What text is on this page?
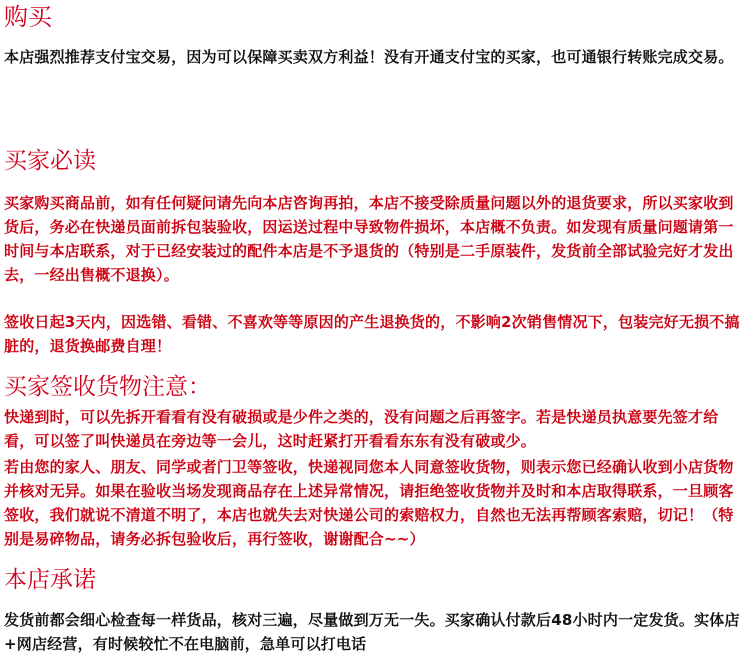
购买

本店强烈推荐支付宝交易，因为可以保障买卖双方利益！没有开通支付宝的买家，也可通银行转账完成交易。

买家必读

买家购买商品前，如有任何疑问请先向本店咨询再拍，本店不接受除质量问题以外的退货要求，所以买家收到货后，务必在快递员面前拆包装验收，因运送过程中导致物件损坏，本店概不负责。如发现有质量问题请第一时间与本店联系，对于已经安装过的配件本店是不予退货的（特别是二手原装件，发货前全部试验完好才发出去，一经出售概不退换）。

签收日起3天内，因选错、看错、不喜欢等等原因的产生退换货的，不影响2次销售情况下，包装完好无损不搞脏的，退货换邮费自理！

买家签收货物注意：

快递到时，可以先拆开看看有没有破损或是少件之类的，没有问题之后再签字。若是快递员执意要先签才给看，可以签了叫快递员在旁边等一会儿，这时赶紧打开看看东东有没有破或少。

若由您的家人、朋友、同学或者门卫等签收，快递视同您本人同意签收货物，则表示您已经确认收到小店货物并核对无异。如果在验收当场发现商品存在上述异常情况，请拒绝签收货物并及时和本店取得联系，一旦顾客签收，我们就说不清道不明了，本店也就失去对快递公司的索赔权力，自然也无法再帮顾客索赔，切记！（特别是易碎物品，请务必拆包验收后，再行签收，谢谢配合~~）

本店承诺

发货前都会细心检查每一样货品，核对三遍，尽量做到万无一失。买家确认付款后48小时内一定发货。实体店+网店经营，有时候较忙不在电脑前，急单可以打电话
